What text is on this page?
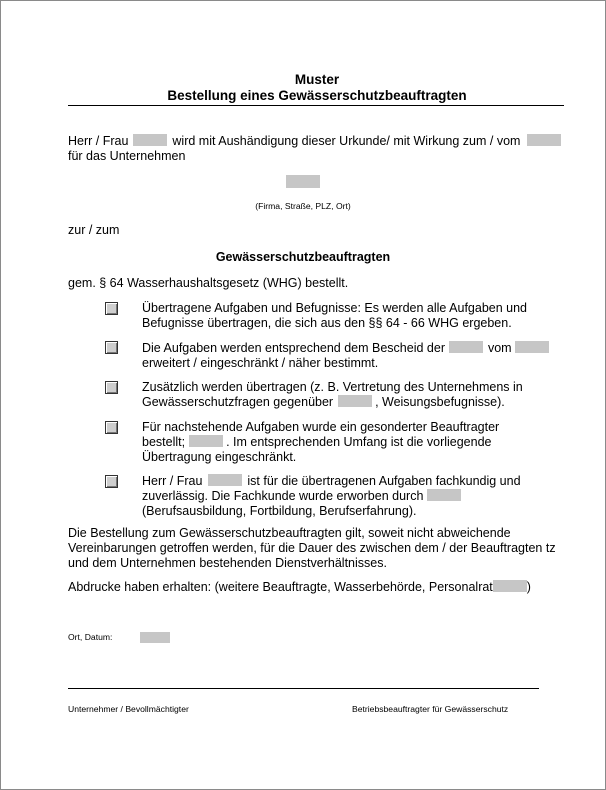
Muster
Bestellung eines Gewässerschutzbeauftragten
Herr / Frau	wird mit Aushändigung dieser Urkunde/ mit Wirkung zum / vom
für das Unternehmen
(Firma, Straße, PLZ, Ort)
zur / zum
Gewässerschutzbeauftragten
gem. § 64 Wasserhaushaltsgesetz (WHG) bestellt.
Übertragene Aufgaben und Befugnisse: Es werden alle Aufgaben und
Befugnisse übertragen, die sich aus den §§ 64 - 66 WHG ergeben.
Die Aufgaben werden entsprechend dem Bescheid der	vom
erweitert / eingeschränkt / näher bestimmt.
Zusätzlich werden übertragen (z. B. Vertretung des Unternehmens in
Gewässerschutzfragen gegenüber	, Weisungsbefugnisse).
Für nachstehende Aufgaben wurde ein gesonderter Beauftragter
bestellt;	. Im entsprechenden Umfang ist die vorliegende
Übertragung eingeschränkt.
Herr / Frau	ist für die übertragenen Aufgaben fachkundig und
zuverlässig. Die Fachkunde wurde erworben durch
(Berufsausbildung, Fortbildung, Berufserfahrung).
Die Bestellung zum Gewässerschutzbeauftragten gilt, soweit nicht abweichende
Vereinbarungen getroffen werden, für die Dauer des zwischen dem / der Beauftragten tz
und dem Unternehmen bestehenden Dienstverhältnisses.
Abdrucke haben erhalten: (weitere Beauftragte, Wasserbehörde, Personalrat	)
Ort, Datum:
Unternehmer / Bevollmächtigter	Betriebsbeauftragter für Gewässerschutz
